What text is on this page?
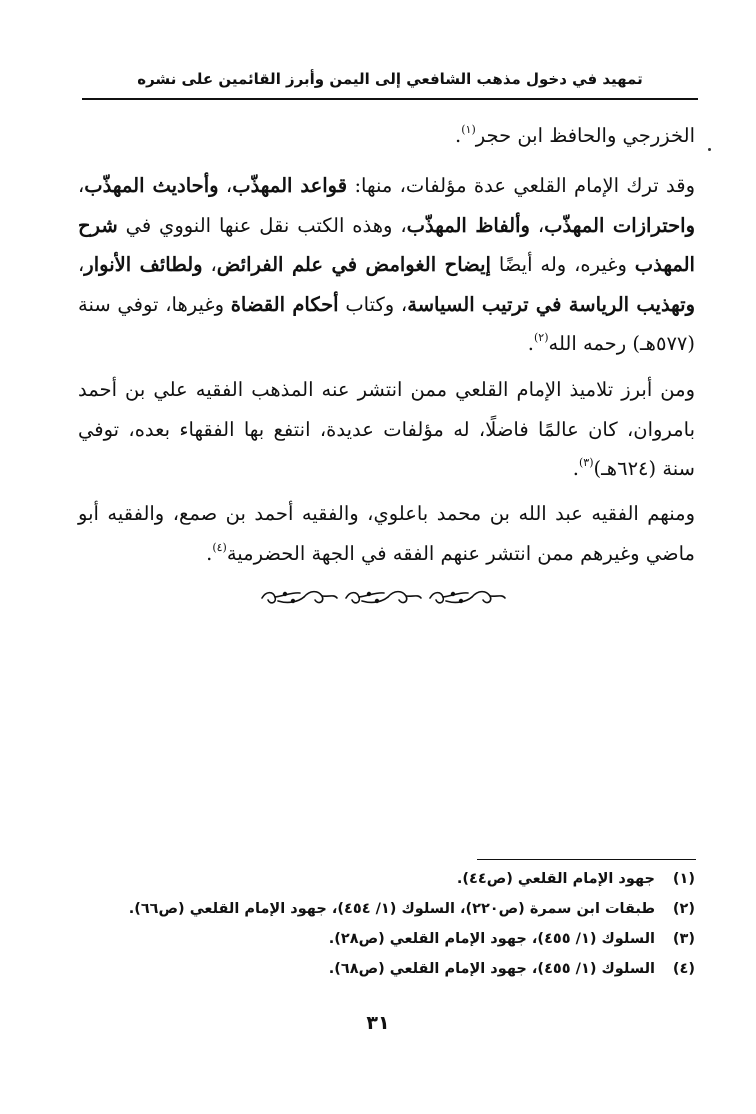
تمهيد في دخول مذهب الشافعي إلى اليمن وأبرز القائمين على نشره

الخزرجي والحافظ ابن حجر$^{(١)}$.

وقد ترك الإمام القلعي عدة مؤلفات، منها: قواعد المهذّب، وأحاديث المهذّب، واحترازات المهذّب، وألفاظ المهذّب، وهذه الكتب نقل عنها النووي في شرح المهذب وغيره، وله أيضًا إيضاح الغوامض في علم الفرائض، ولطائف الأنوار، وتهذيب الرياسة في ترتيب السياسة، وكتاب أحكام القضاة وغيرها، توفي سنة (٥٧٧هـ) رحمه الله$^{(٢)}$.

ومن أبرز تلاميذ الإمام القلعي ممن انتشر عنه المذهب الفقيه علي بن أحمد بامروان، كان عالمًا فاضلًا، له مؤلفات عديدة، انتفع بها الفقهاء بعده، توفي سنة (٦٢٤هـ)$^{(٣)}$.

ومنهم الفقيه عبد الله بن محمد باعلوي، والفقيه أحمد بن صمع، والفقيه أبو ماضي وغيرهم ممن انتشر عنهم الفقه في الجهة الحضرمية$^{(٤)}$.

(١)جهود الإمام القلعي (ص٤٤).
(٢)طبقات ابن سمرة (ص٢٢٠)، السلوك (١/ ٤٥٤)، جهود الإمام القلعي (ص٦٦).
(٣)السلوك (١/ ٤٥٥)، جهود الإمام القلعي (ص٢٨).
(٤)السلوك (١/ ٤٥٥)، جهود الإمام القلعي (ص٦٨).
٣١
